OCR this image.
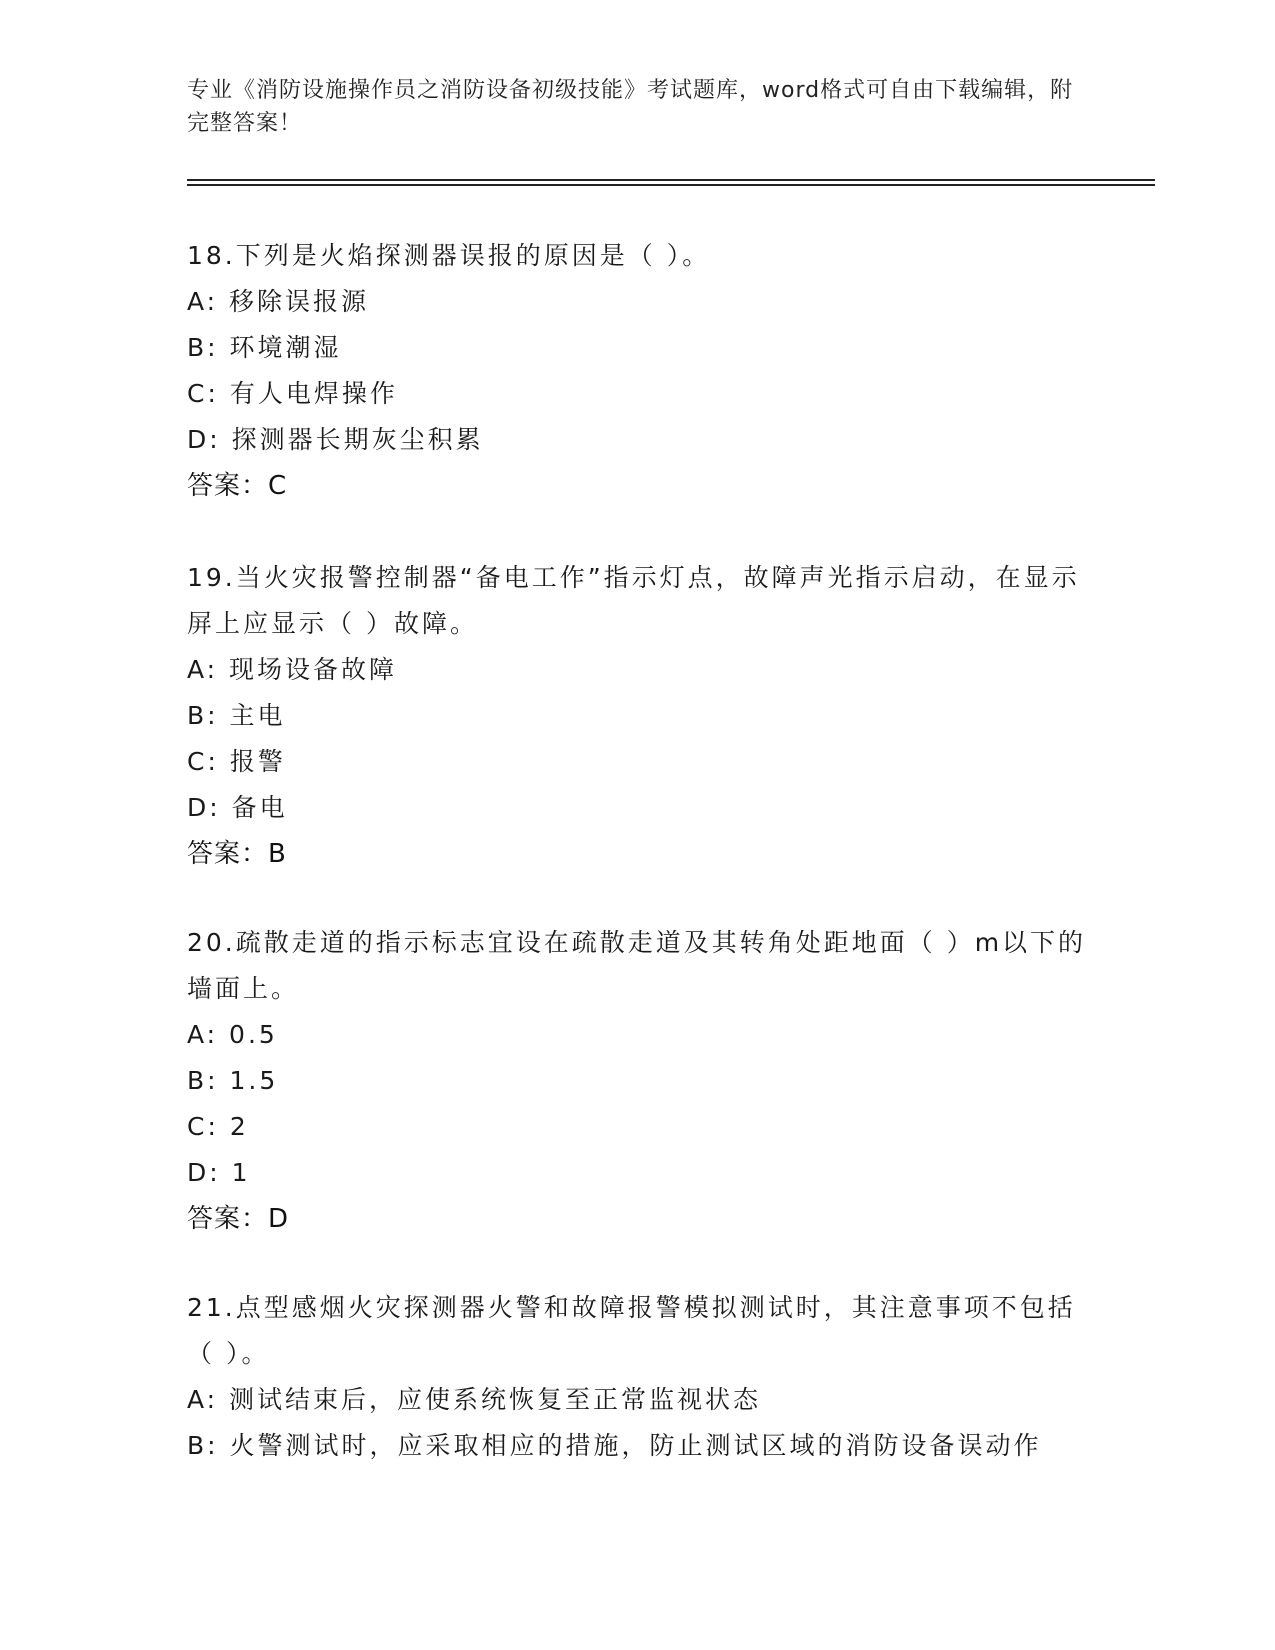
专业《消防设施操作员之消防设备初级技能》考试题库，word格式可自由下载编辑，附完整答案！

18.下列是火焰探测器误报的原因是（ ）。

A: 移除误报源

B: 环境潮湿

C: 有人电焊操作

D: 探测器长期灰尘积累

答案：C

19.当火灾报警控制器“备电工作”指示灯点，故障声光指示启动，在显示屏上应显示（ ）故障。

A: 现场设备故障

B: 主电

C: 报警

D: 备电

答案：B

20.疏散走道的指示标志宜设在疏散走道及其转角处距地面（ ）m以下的墙面上。

A: 0.5

B: 1.5

C: 2

D: 1

答案：D

21.点型感烟火灾探测器火警和故障报警模拟测试时，其注意事项不包括（ ）。

A: 测试结束后，应使系统恢复至正常监视状态

B: 火警测试时，应采取相应的措施，防止测试区域的消防设备误动作
